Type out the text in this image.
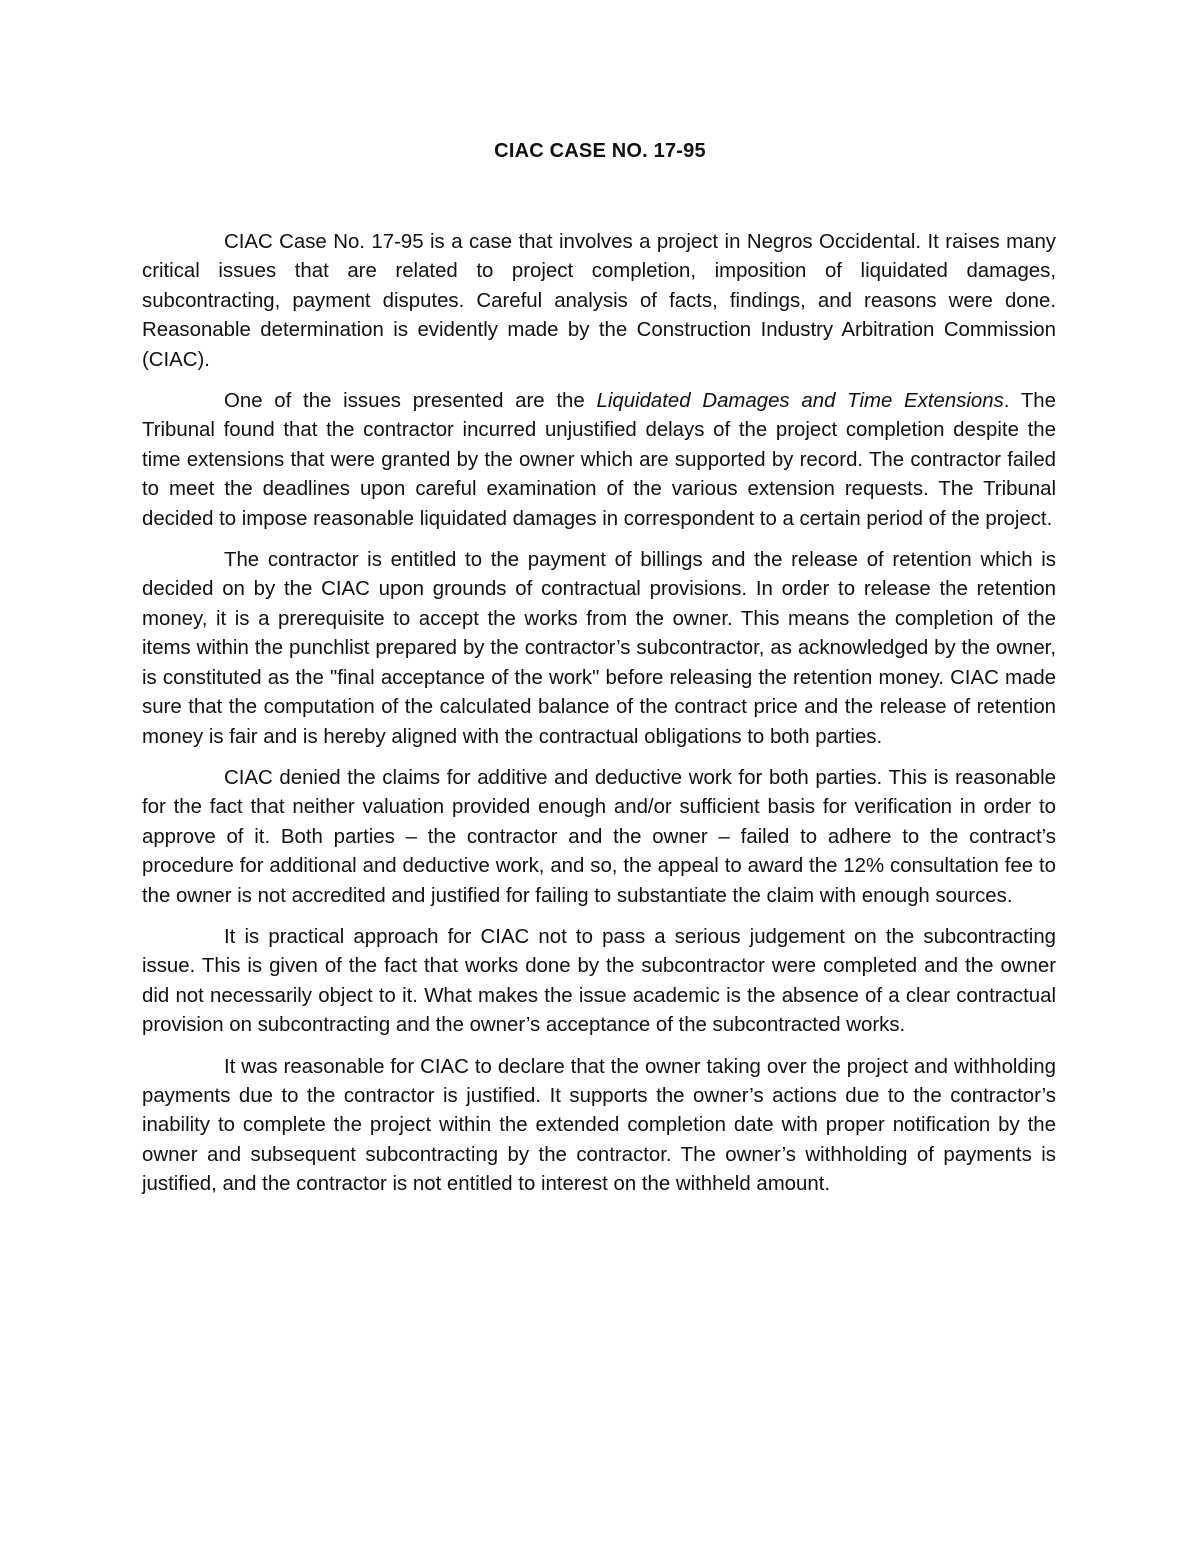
CIAC CASE NO. 17-95

CIAC Case No. 17-95 is a case that involves a project in Negros Occidental. It raises many critical issues that are related to project completion, imposition of liquidated damages, subcontracting, payment disputes. Careful analysis of facts, findings, and reasons were done. Reasonable determination is evidently made by the Construction Industry Arbitration Commission (CIAC).

One of the issues presented are the Liquidated Damages and Time Extensions. The Tribunal found that the contractor incurred unjustified delays of the project completion despite the time extensions that were granted by the owner which are supported by record. The contractor failed to meet the deadlines upon careful examination of the various extension requests. The Tribunal decided to impose reasonable liquidated damages in correspondent to a certain period of the project.

The contractor is entitled to the payment of billings and the release of retention which is decided on by the CIAC upon grounds of contractual provisions. In order to release the retention money, it is a prerequisite to accept the works from the owner. This means the completion of the items within the punchlist prepared by the contractor’s subcontractor, as acknowledged by the owner, is constituted as the "final acceptance of the work" before releasing the retention money. CIAC made sure that the computation of the calculated balance of the contract price and the release of retention money is fair and is hereby aligned with the contractual obligations to both parties.

CIAC denied the claims for additive and deductive work for both parties. This is reasonable for the fact that neither valuation provided enough and/or sufficient basis for verification in order to approve of it. Both parties – the contractor and the owner – failed to adhere to the contract’s procedure for additional and deductive work, and so, the appeal to award the 12% consultation fee to the owner is not accredited and justified for failing to substantiate the claim with enough sources.

It is practical approach for CIAC not to pass a serious judgement on the subcontracting issue. This is given of the fact that works done by the subcontractor were completed and the owner did not necessarily object to it. What makes the issue academic is the absence of a clear contractual provision on subcontracting and the owner’s acceptance of the subcontracted works.

It was reasonable for CIAC to declare that the owner taking over the project and withholding payments due to the contractor is justified. It supports the owner’s actions due to the contractor’s inability to complete the project within the extended completion date with proper notification by the owner and subsequent subcontracting by the contractor. The owner’s withholding of payments is justified, and the contractor is not entitled to interest on the withheld amount.
